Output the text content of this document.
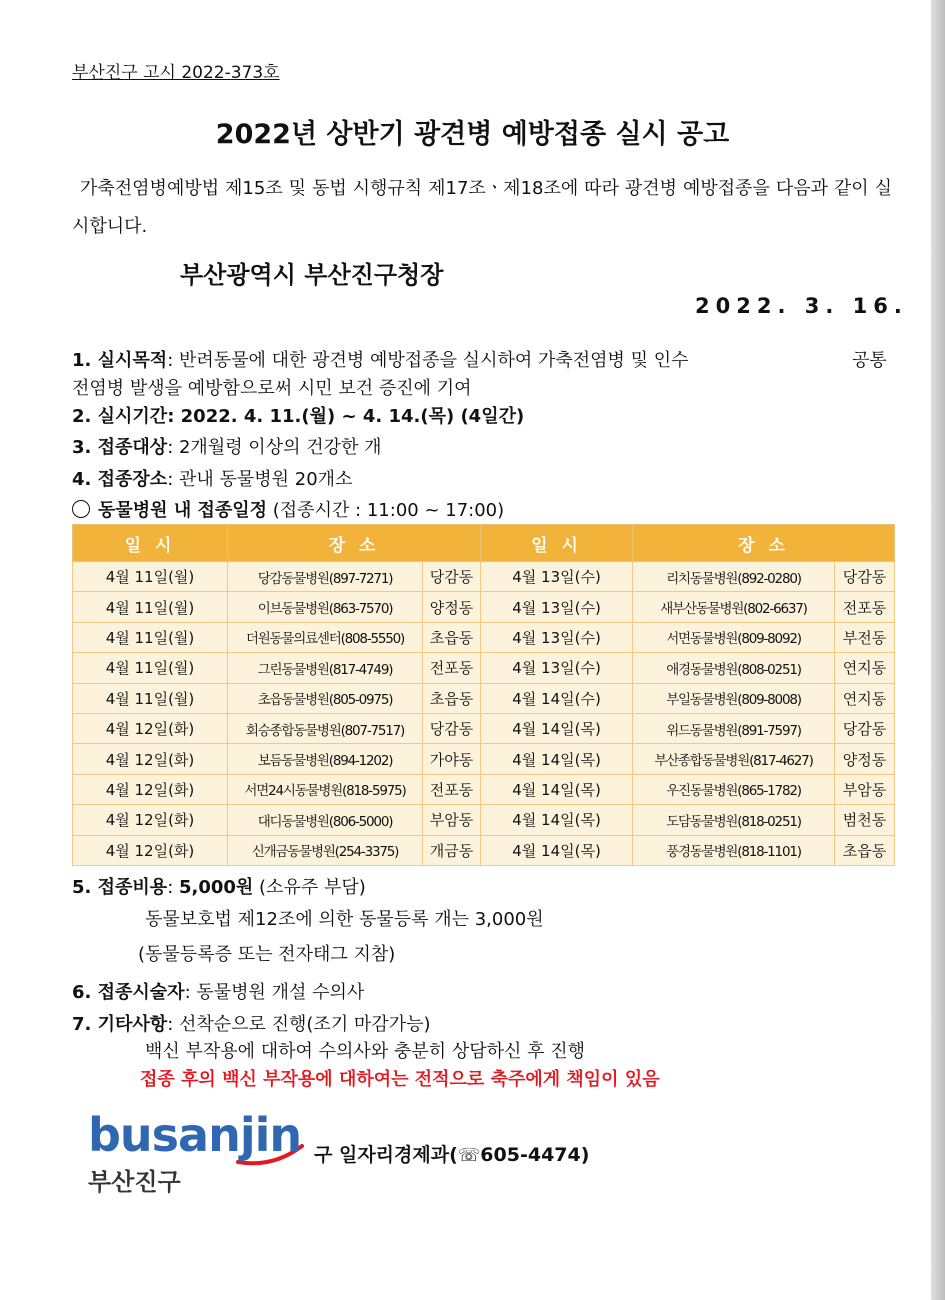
부산진구 고시 2022-373호
2022년 상반기 광견병 예방접종 실시 공고
가축전염병예방법 제15조 및 동법 시행규칙 제17조ㆍ제18조에 따라 광견병 예방접종을 다음과 같이 실시합니다.
부산광역시 부산진구청장
2022. 3. 16.
1. 실시목적: 반려동물에 대한 광견병 예방접종을 실시하여 가축전염병 및 인수	공통
전염병 발생을 예방함으로써 시민 보건 증진에 기여
2. 실시기간: 2022. 4. 11.(월) ~ 4. 14.(목) (4일간)
3. 접종대상: 2개월령 이상의 건강한 개
4. 접종장소: 관내 동물병원 20개소
동물병원 내 접종일정 (접종시간 : 11:00 ~ 17:00)
일 시	장 소		일 시	장 소	
4월 11일(월)	당감동물병원(897-7271)	당감동	4월 13일(수)	리치동물병원(892-0280)	당감동
4월 11일(월)	이브동물병원(863-7570)	양정동	4월 13일(수)	새부산동물병원(802-6637)	전포동
4월 11일(월)	더원동물의료센터(808-5550)	초읍동	4월 13일(수)	서면동물병원(809-8092)	부전동
4월 11일(월)	그린동물병원(817-4749)	전포동	4월 13일(수)	애경동물병원(808-0251)	연지동
4월 11일(월)	초읍동물병원(805-0975)	초읍동	4월 14일(수)	부일동물병원(809-8008)	연지동
4월 12일(화)	회승종합동물병원(807-7517)	당감동	4월 14일(목)	위드동물병원(891-7597)	당감동
4월 12일(화)	보듬동물병원(894-1202)	가야동	4월 14일(목)	부산종합동물병원(817-4627)	양정동
4월 12일(화)	서면24시동물병원(818-5975)	전포동	4월 14일(목)	우진동물병원(865-1782)	부암동
4월 12일(화)	대디동물병원(806-5000)	부암동	4월 14일(목)	도담동물병원(818-0251)	범천동
4월 12일(화)	신개금동물병원(254-3375)	개금동	4월 14일(목)	풍경동물병원(818-1101)	초읍동
5. 접종비용: 5,000원 (소유주 부담)
동물보호법 제12조에 의한 동물등록 개는 3,000원
(동물등록증 또는 전자태그 지참)
6. 접종시술자: 동물병원 개설 수의사
7. 기타사항: 선착순으로 진행(조기 마감가능)
백신 부작용에 대하여 수의사와 충분히 상담하신 후 진행
접종 후의 백신 부작용에 대하여는 전적으로 축주에게 책임이 있음
busanjin
부산진구
구 일자리경제과(☏605-4474)
